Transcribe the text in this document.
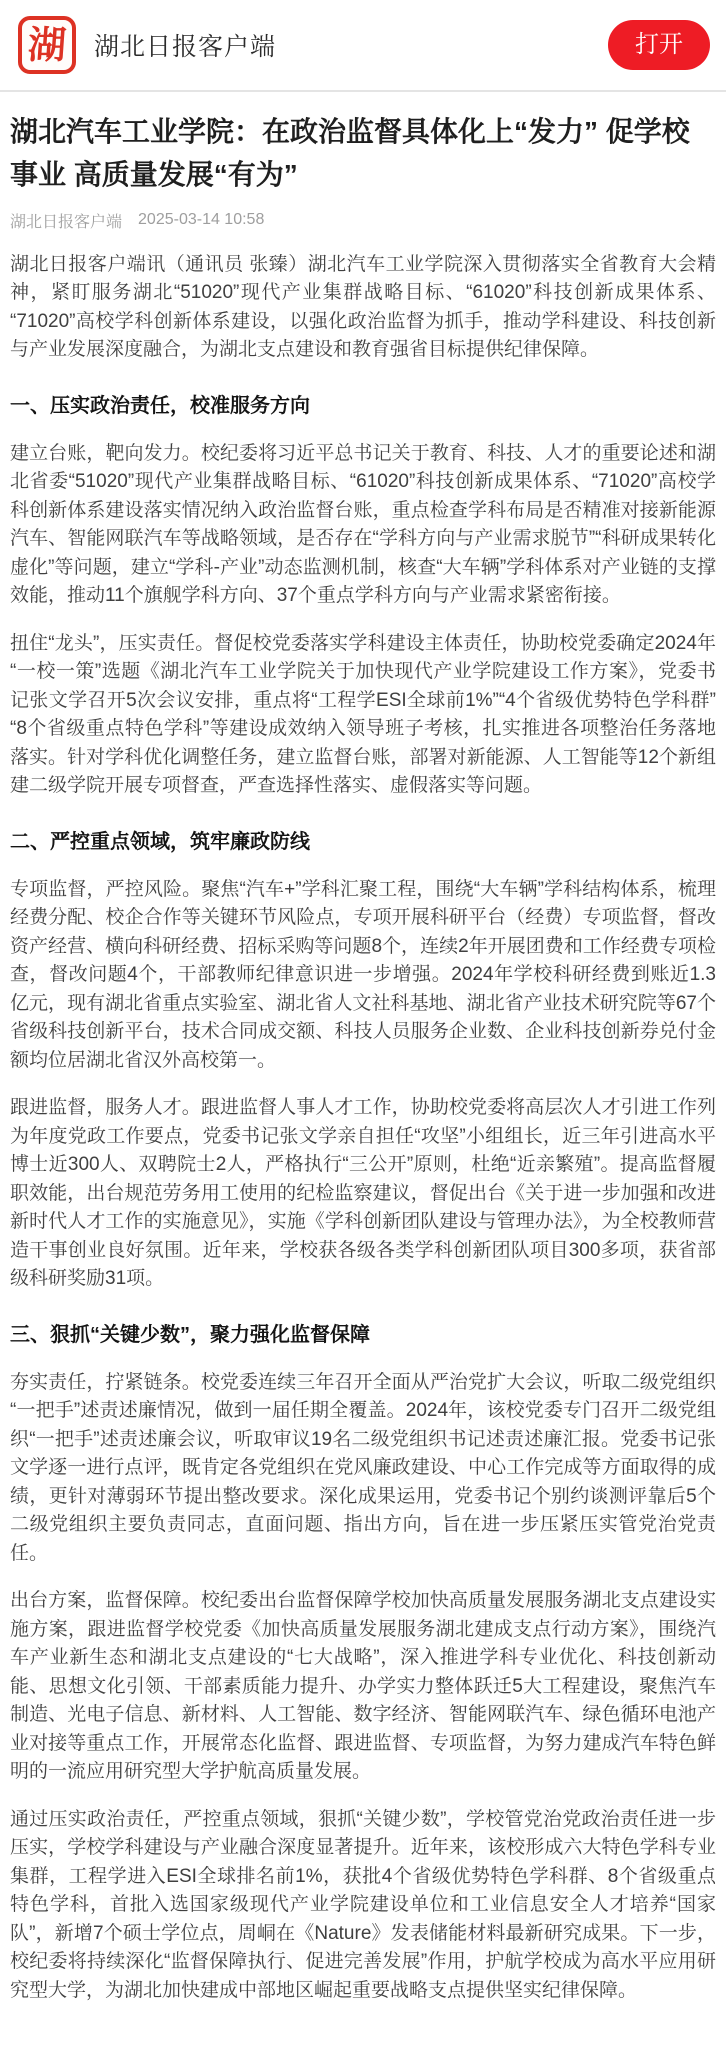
湖 湖北日报客户端	打开
湖北汽车工业学院：在政治监督具体化上“发力” 促学校事业 高质量发展“有为”
湖北日报客户端 2025-03-14 10:58

湖北日报客户端讯（通讯员 张臻）湖北汽车工业学院深入贯彻落实全省教育大会精神，紧盯服务湖北“51020”现代产业集群战略目标、“61020”科技创新成果体系、“71020”高校学科创新体系建设，以强化政治监督为抓手，推动学科建设、科技创新与产业发展深度融合，为湖北支点建设和教育强省目标提供纪律保障。

一、压实政治责任，校准服务方向

建立台账，靶向发力。校纪委将习近平总书记关于教育、科技、人才的重要论述和湖北省委“51020”现代产业集群战略目标、“61020”科技创新成果体系、“71020”高校学科创新体系建设落实情况纳入政治监督台账，重点检查学科布局是否精准对接新能源汽车、智能网联汽车等战略领域，是否存在“学科方向与产业需求脱节”“科研成果转化虚化”等问题，建立“学科-产业”动态监测机制，核查“大车辆”学科体系对产业链的支撑效能，推动11个旗舰学科方向、37个重点学科方向与产业需求紧密衔接。

扭住“龙头”，压实责任。督促校党委落实学科建设主体责任，协助校党委确定2024年“一校一策”选题《湖北汽车工业学院关于加快现代产业学院建设工作方案》，党委书记张文学召开5次会议安排，重点将“工程学ESI全球前1%”“4个省级优势特色学科群”“8个省级重点特色学科”等建设成效纳入领导班子考核，扎实推进各项整治任务落地落实。针对学科优化调整任务，建立监督台账，部署对新能源、人工智能等12个新组建二级学院开展专项督查，严查选择性落实、虚假落实等问题。

二、严控重点领域，筑牢廉政防线

专项监督，严控风险。聚焦“汽车+”学科汇聚工程，围绕“大车辆”学科结构体系，梳理经费分配、校企合作等关键环节风险点，专项开展科研平台（经费）专项监督，督改资产经营、横向科研经费、招标采购等问题8个，连续2年开展团费和工作经费专项检查，督改问题4个，干部教师纪律意识进一步增强。2024年学校科研经费到账近1.3亿元，现有湖北省重点实验室、湖北省人文社科基地、湖北省产业技术研究院等67个省级科技创新平台，技术合同成交额、科技人员服务企业数、企业科技创新券兑付金额均位居湖北省汉外高校第一。

跟进监督，服务人才。跟进监督人事人才工作，协助校党委将高层次人才引进工作列为年度党政工作要点，党委书记张文学亲自担任“攻坚”小组组长，近三年引进高水平博士近300人、双聘院士2人，严格执行“三公开”原则，杜绝“近亲繁殖”。提高监督履职效能，出台规范劳务用工使用的纪检监察建议，督促出台《关于进一步加强和改进新时代人才工作的实施意见》，实施《学科创新团队建设与管理办法》，为全校教师营造干事创业良好氛围。近年来，学校获各级各类学科创新团队项目300多项，获省部级科研奖励31项。

三、狠抓“关键少数”，聚力强化监督保障

夯实责任，拧紧链条。校党委连续三年召开全面从严治党扩大会议，听取二级党组织“一把手”述责述廉情况，做到一届任期全覆盖。2024年，该校党委专门召开二级党组织“一把手”述责述廉会议，听取审议19名二级党组织书记述责述廉汇报。党委书记张文学逐一进行点评，既肯定各党组织在党风廉政建设、中心工作完成等方面取得的成绩，更针对薄弱环节提出整改要求。深化成果运用，党委书记个别约谈测评靠后5个二级党组织主要负责同志，直面问题、指出方向，旨在进一步压紧压实管党治党责任。

出台方案，监督保障。校纪委出台监督保障学校加快高质量发展服务湖北支点建设实施方案，跟进监督学校党委《加快高质量发展服务湖北建成支点行动方案》，围绕汽车产业新生态和湖北支点建设的“七大战略”，深入推进学科专业优化、科技创新动能、思想文化引领、干部素质能力提升、办学实力整体跃迁5大工程建设，聚焦汽车制造、光电子信息、新材料、人工智能、数字经济、智能网联汽车、绿色循环电池产业对接等重点工作，开展常态化监督、跟进监督、专项监督，为努力建成汽车特色鲜明的一流应用研究型大学护航高质量发展。

通过压实政治责任，严控重点领域，狠抓“关键少数”，学校管党治党政治责任进一步压实，学校学科建设与产业融合深度显著提升。近年来，该校形成六大特色学科专业集群，工程学进入ESI全球排名前1%，获批4个省级优势特色学科群、8个省级重点特色学科，首批入选国家级现代产业学院建设单位和工业信息安全人才培养“国家队”，新增7个硕士学位点，周峒在《Nature》发表储能材料最新研究成果。下一步，校纪委将持续深化“监督保障执行、促进完善发展”作用，护航学校成为高水平应用研究型大学，为湖北加快建成中部地区崛起重要战略支点提供坚实纪律保障。
